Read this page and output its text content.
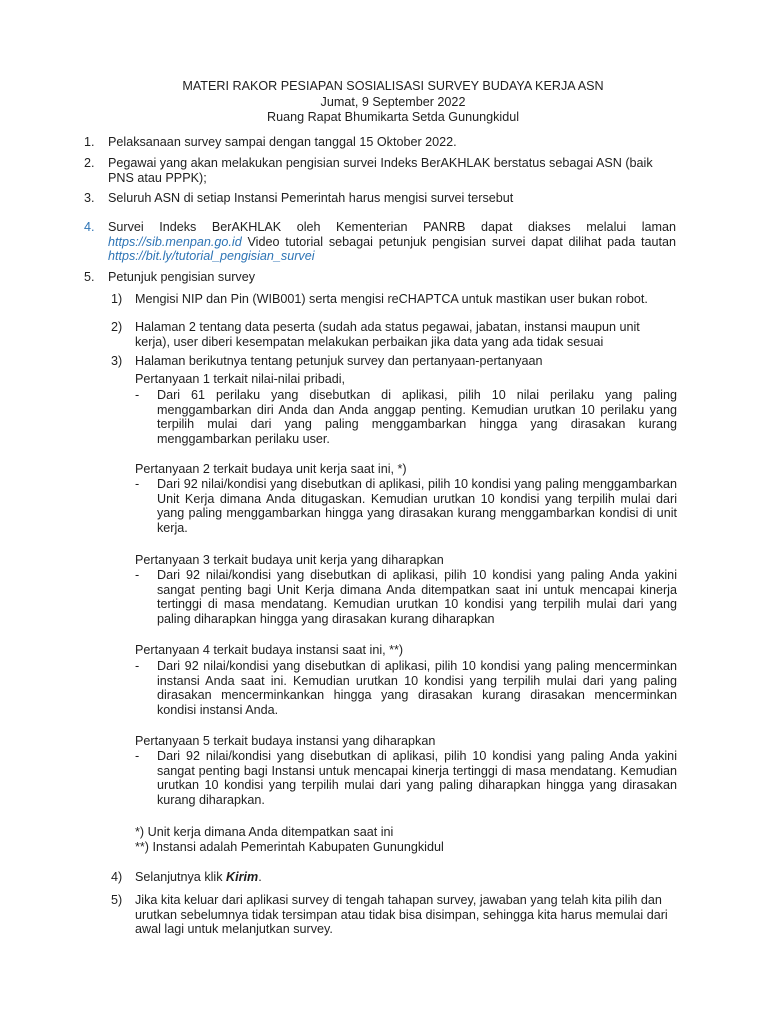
MATERI RAKOR PESIAPAN SOSIALISASI SURVEY BUDAYA KERJA ASN
Jumat, 9 September 2022
Ruang Rapat Bhumikarta Setda Gunungkidul
1. Pelaksanaan survey sampai dengan tanggal 15 Oktober 2022.
2. Pegawai yang akan melakukan pengisian survei Indeks BerAKHLAK berstatus sebagai ASN (baik PNS atau PPPK);
3. Seluruh ASN di setiap Instansi Pemerintah harus mengisi survei tersebut
4. Survei Indeks BerAKHLAK oleh Kementerian PANRB dapat diakses melalui laman https://sib.menpan.go.id Video tutorial sebagai petunjuk pengisian survei dapat dilihat pada tautan https://bit.ly/tutorial_pengisian_survei
5. Petunjuk pengisian survey
1) Mengisi NIP dan Pin (WIB001) serta mengisi reCHAPTCA untuk mastikan user bukan robot.
2) Halaman 2 tentang data peserta (sudah ada status pegawai, jabatan, instansi maupun unit kerja), user diberi kesempatan melakukan perbaikan jika data yang ada tidak sesuai
3) Halaman berikutnya tentang petunjuk survey dan pertanyaan-pertanyaan
Pertanyaan 1 terkait nilai-nilai pribadi,
- Dari 61 perilaku yang disebutkan di aplikasi, pilih 10 nilai perilaku yang paling menggambarkan diri Anda dan Anda anggap penting. Kemudian urutkan 10 perilaku yang terpilih mulai dari yang paling menggambarkan hingga yang dirasakan kurang menggambarkan perilaku user.
Pertanyaan 2 terkait budaya unit kerja saat ini, *)
- Dari 92 nilai/kondisi yang disebutkan di aplikasi, pilih 10 kondisi yang paling menggambarkan Unit Kerja dimana Anda ditugaskan. Kemudian urutkan 10 kondisi yang terpilih mulai dari yang paling menggambarkan hingga yang dirasakan kurang menggambarkan kondisi di unit kerja.
Pertanyaan 3 terkait budaya unit kerja yang diharapkan
- Dari 92 nilai/kondisi yang disebutkan di aplikasi, pilih 10 kondisi yang paling Anda yakini sangat penting bagi Unit Kerja dimana Anda ditempatkan saat ini untuk mencapai kinerja tertinggi di masa mendatang. Kemudian urutkan 10 kondisi yang terpilih mulai dari yang paling diharapkan hingga yang dirasakan kurang diharapkan
Pertanyaan 4 terkait budaya instansi saat ini, **)
- Dari 92 nilai/kondisi yang disebutkan di aplikasi, pilih 10 kondisi yang paling mencerminkan instansi Anda saat ini. Kemudian urutkan 10 kondisi yang terpilih mulai dari yang paling dirasakan mencerminkankan hingga yang dirasakan kurang dirasakan mencerminkan kondisi instansi Anda.
Pertanyaan 5 terkait budaya instansi yang diharapkan
- Dari 92 nilai/kondisi yang disebutkan di aplikasi, pilih 10 kondisi yang paling Anda yakini sangat penting bagi Instansi untuk mencapai kinerja tertinggi di masa mendatang. Kemudian urutkan 10 kondisi yang terpilih mulai dari yang paling diharapkan hingga yang dirasakan kurang diharapkan.
*) Unit kerja dimana Anda ditempatkan saat ini
**) Instansi adalah Pemerintah Kabupaten Gunungkidul
4) Selanjutnya klik Kirim.
5) Jika kita keluar dari aplikasi survey di tengah tahapan survey, jawaban yang telah kita pilih dan urutkan sebelumnya tidak tersimpan atau tidak bisa disimpan, sehingga kita harus memulai dari awal lagi untuk melanjutkan survey.
